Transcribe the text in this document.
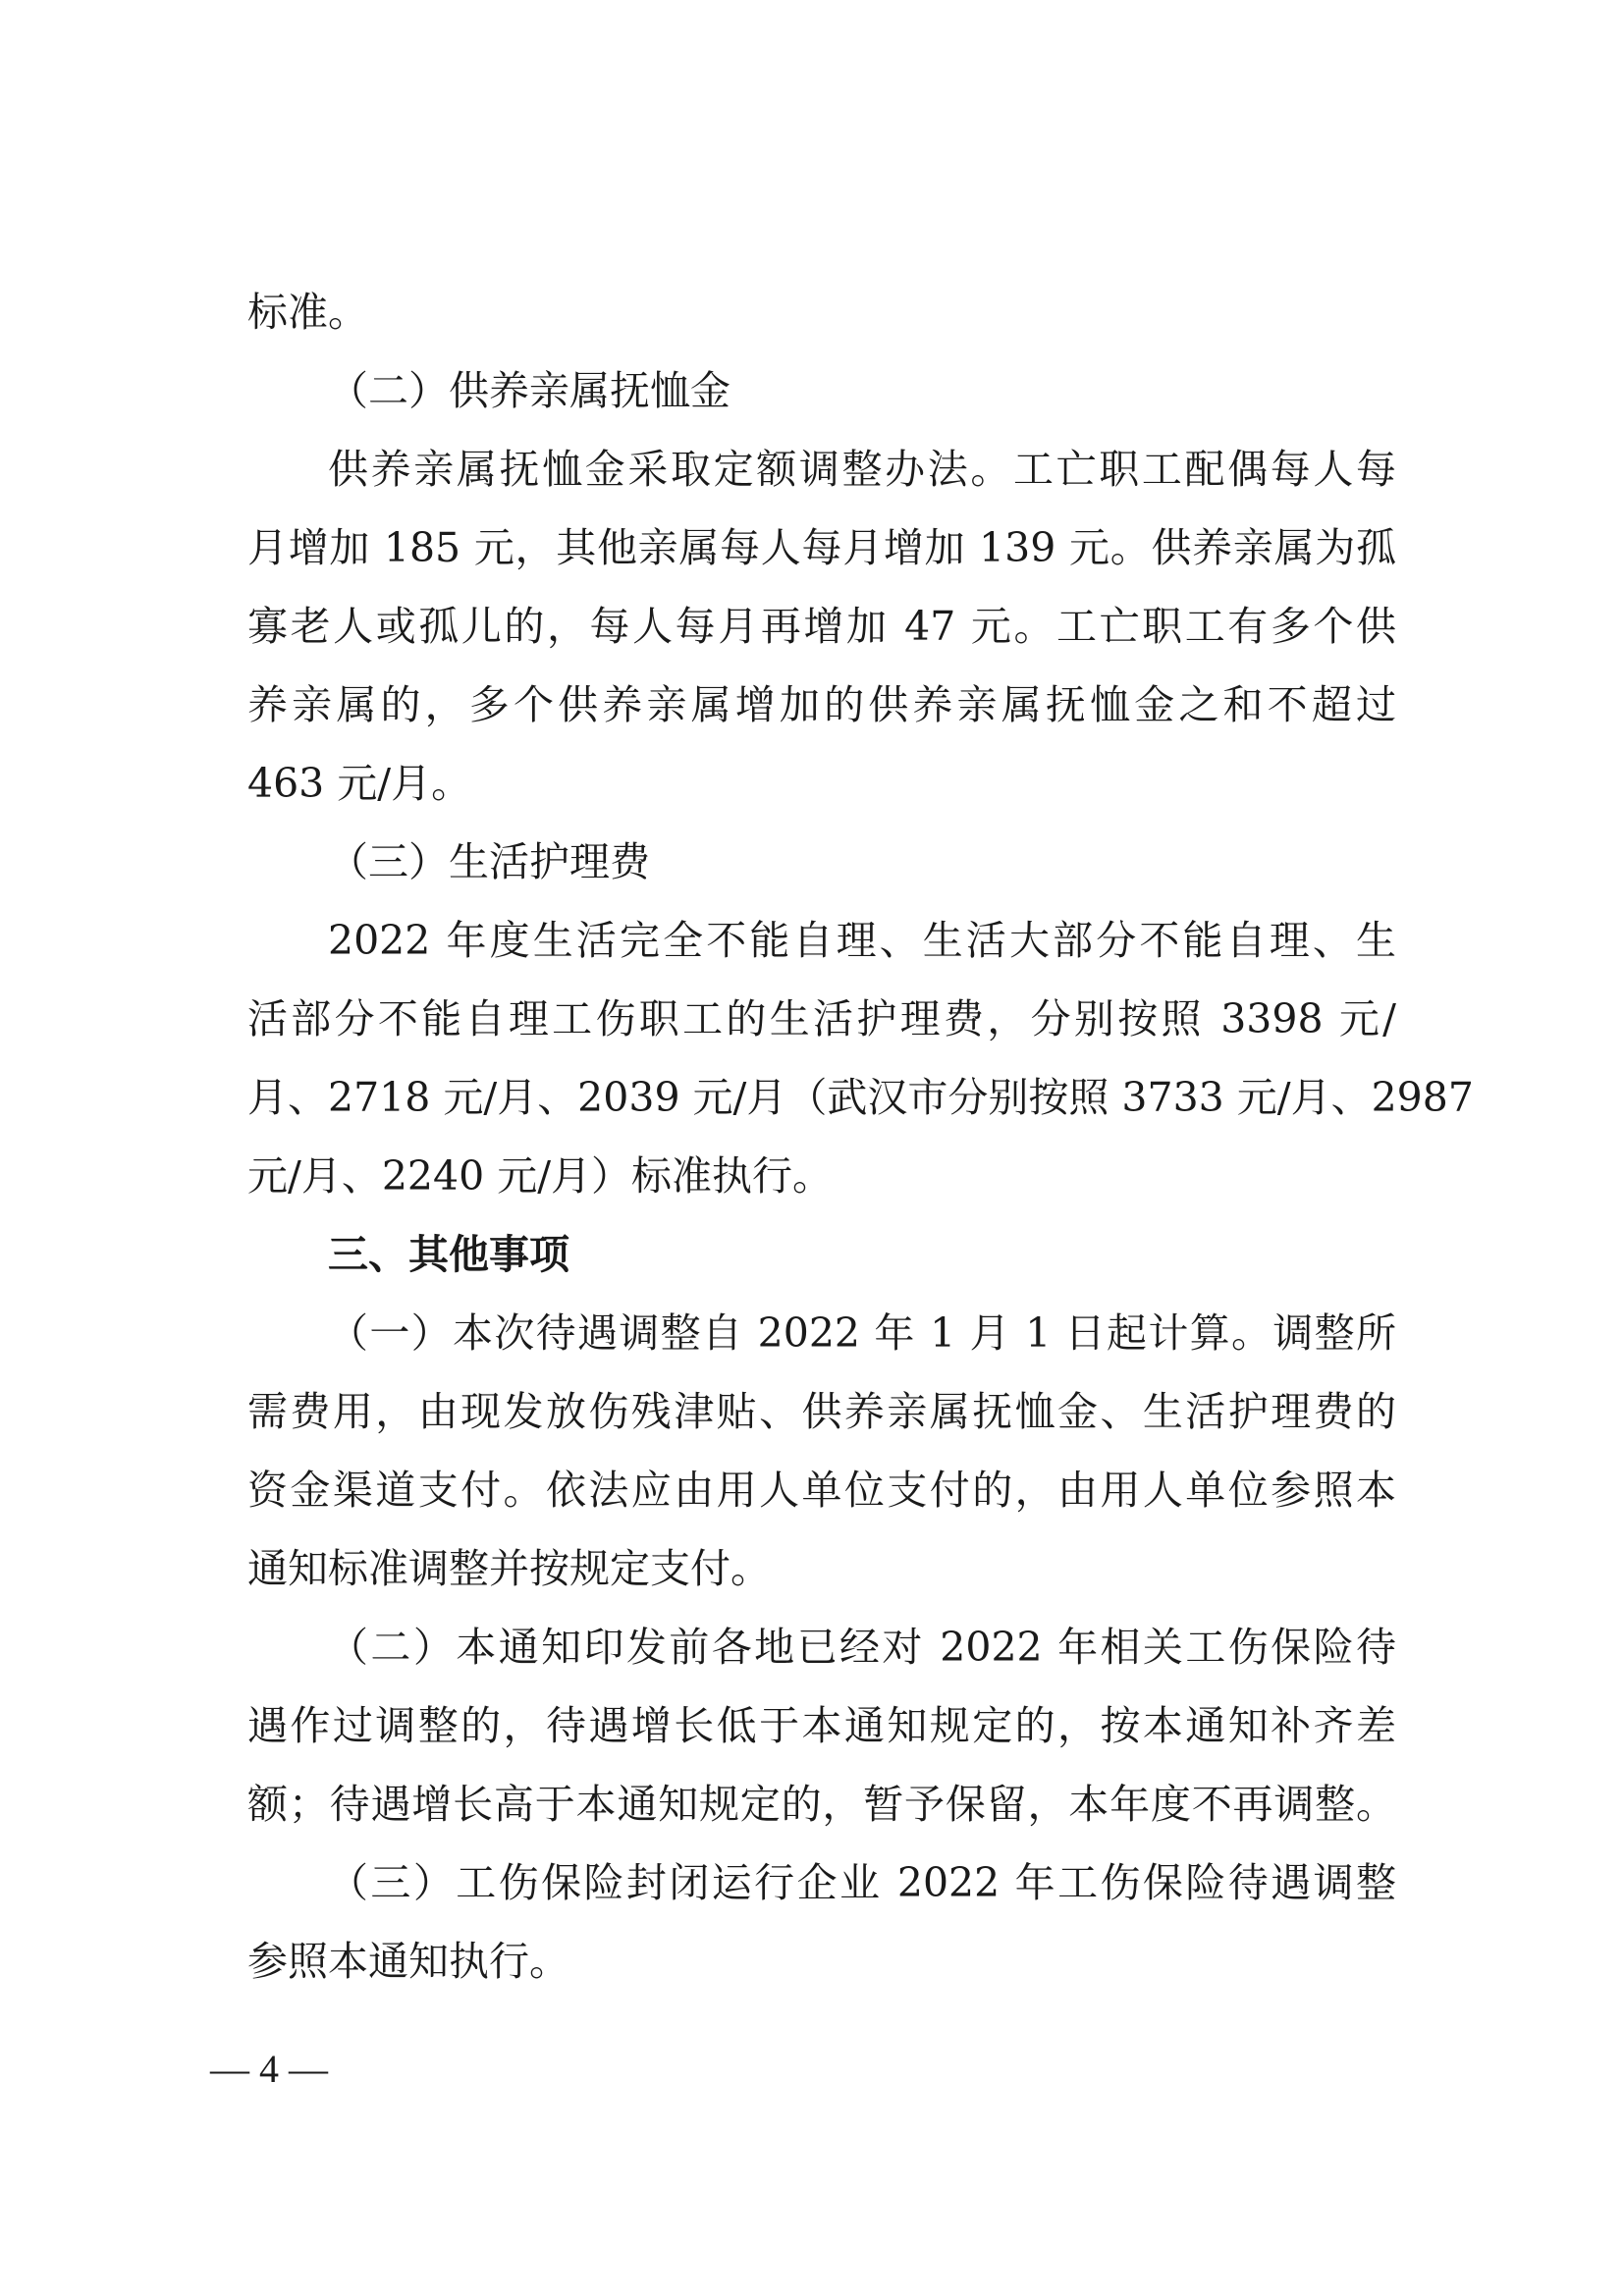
标准。
（二）供养亲属抚恤金
供养亲属抚恤金采取定额调整办法。工亡职工配偶每人每
月增加 185 元，其他亲属每人每月增加 139 元。供养亲属为孤
寡老人或孤儿的，每人每月再增加 47 元。工亡职工有多个供
养亲属的，多个供养亲属增加的供养亲属抚恤金之和不超过
463 元/月。
（三）生活护理费
2022 年度生活完全不能自理、生活大部分不能自理、生
活部分不能自理工伤职工的生活护理费，分别按照 3398 元/
月、2718 元/月、2039 元/月（武汉市分别按照 3733 元/月、2987
元/月、2240 元/月）标准执行。
三、其他事项
（一）本次待遇调整自 2022 年 1 月 1 日起计算。调整所
需费用，由现发放伤残津贴、供养亲属抚恤金、生活护理费的
资金渠道支付。依法应由用人单位支付的，由用人单位参照本
通知标准调整并按规定支付。
（二）本通知印发前各地已经对 2022 年相关工伤保险待
遇作过调整的，待遇增长低于本通知规定的，按本通知补齐差
额；待遇增长高于本通知规定的，暂予保留，本年度不再调整。
（三）工伤保险封闭运行企业 2022 年工伤保险待遇调整
参照本通知执行。
— 4 —
